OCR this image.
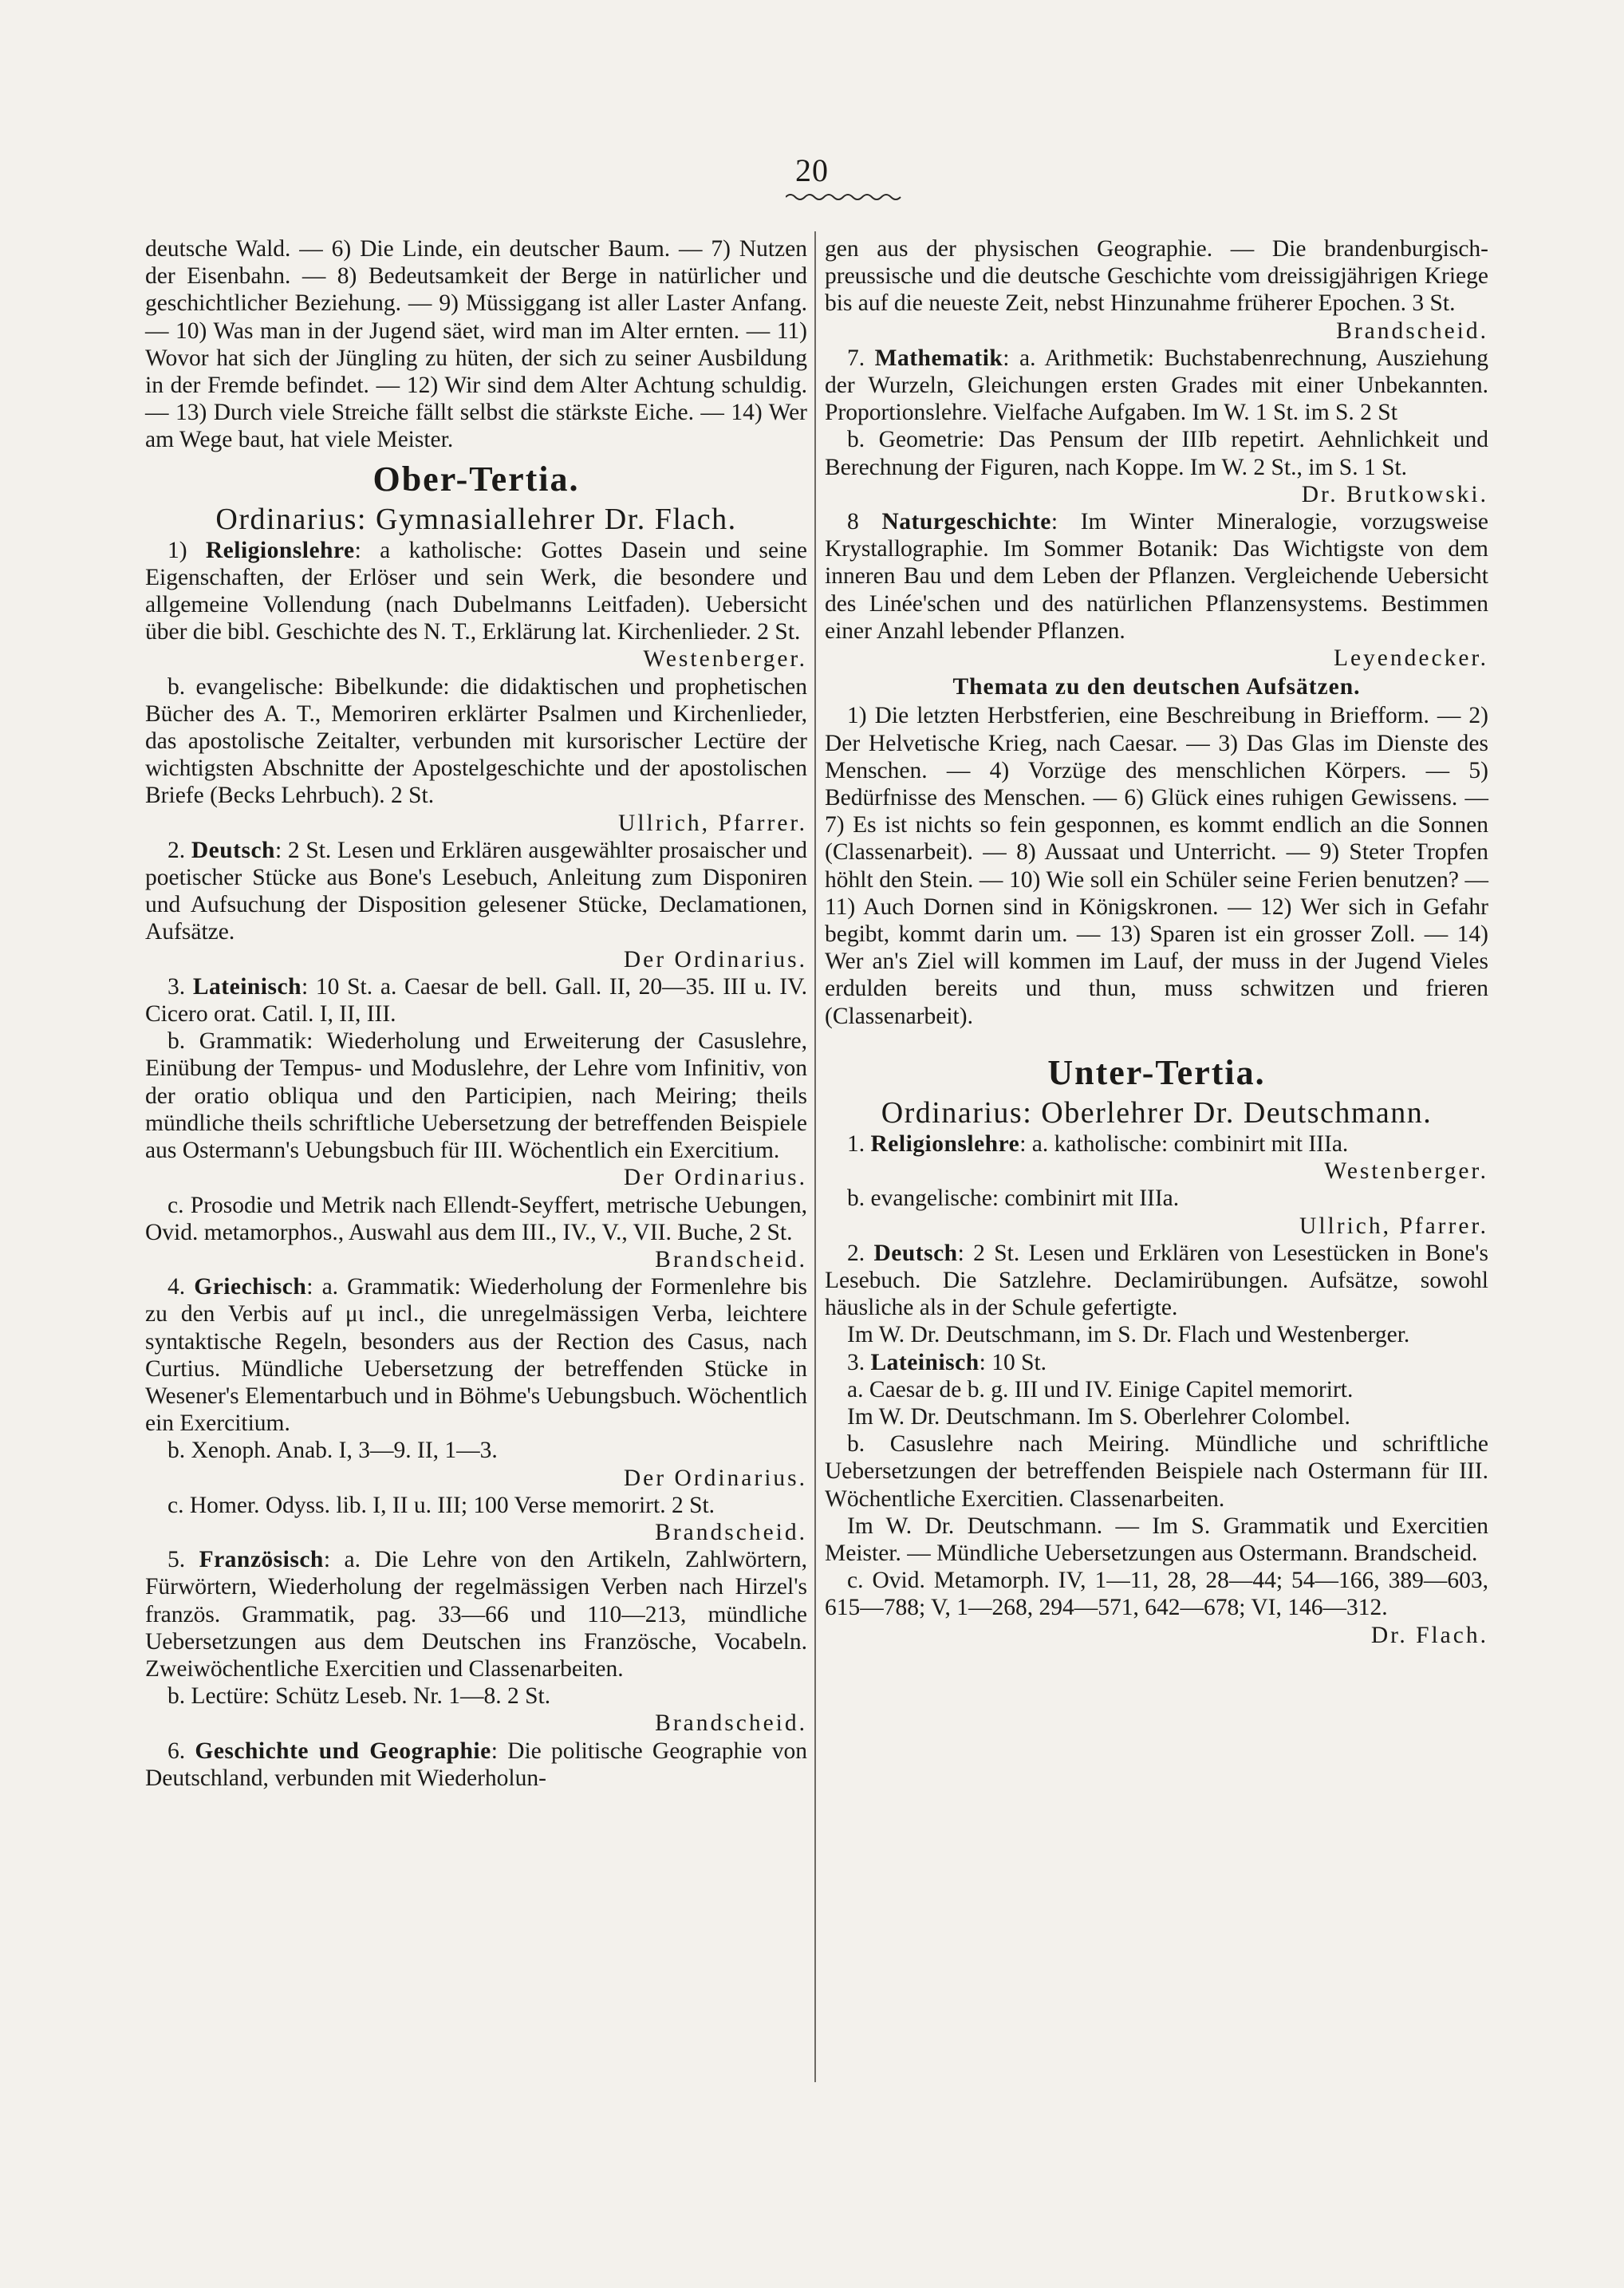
20

deutsche Wald. — 6) Die Linde, ein deutscher Baum. — 7) Nutzen der Eisenbahn. — 8) Bedeutsamkeit der Berge in natürlicher und geschichtlicher Beziehung. — 9) Müssiggang ist aller Laster Anfang. — 10) Was man in der Jugend säet, wird man im Alter ernten. — 11) Wovor hat sich der Jüngling zu hüten, der sich zu seiner Ausbildung in der Fremde befindet. — 12) Wir sind dem Alter Achtung schuldig. — 13) Durch viele Streiche fällt selbst die stärkste Eiche. — 14) Wer am Wege baut, hat viele Meister.

Ober-Tertia.
Ordinarius: Gymnasiallehrer Dr. Flach.

1) Religionslehre: a katholische: Gottes Dasein und seine Eigenschaften, der Erlöser und sein Werk, die besondere und allgemeine Vollendung (nach Dubelmanns Leitfaden). Uebersicht über die bibl. Geschichte des N. T., Erklärung lat. Kirchenlieder. 2 St.

Westenberger.

b. evangelische: Bibelkunde: die didaktischen und prophetischen Bücher des A. T., Memoriren erklärter Psalmen und Kirchenlieder, das apostolische Zeitalter, verbunden mit kursorischer Lectüre der wichtigsten Abschnitte der Apostelgeschichte und der apostolischen Briefe (Becks Lehrbuch). 2 St.

Ullrich, Pfarrer.

2. Deutsch: 2 St. Lesen und Erklären ausgewählter prosaischer und poetischer Stücke aus Bone's Lesebuch, Anleitung zum Disponiren und Aufsuchung der Disposition gelesener Stücke, Declamationen, Aufsätze.

Der Ordinarius.

3. Lateinisch: 10 St. a. Caesar de bell. Gall. II, 20—35. III u. IV. Cicero orat. Catil. I, II, III.

b. Grammatik: Wiederholung und Erweiterung der Casuslehre, Einübung der Tempus- und Moduslehre, der Lehre vom Infinitiv, von der oratio obliqua und den Participien, nach Meiring; theils mündliche theils schriftliche Uebersetzung der betreffenden Beispiele aus Ostermann's Uebungsbuch für III. Wöchentlich ein Exercitium.

Der Ordinarius.

c. Prosodie und Metrik nach Ellendt-Seyffert, metrische Uebungen, Ovid. metamorphos., Auswahl aus dem III., IV., V., VII. Buche, 2 St.

Brandscheid.

4. Griechisch: a. Grammatik: Wiederholung der Formenlehre bis zu den Verbis auf μι incl., die unregelmässigen Verba, leichtere syntaktische Regeln, besonders aus der Rection des Casus, nach Curtius. Mündliche Uebersetzung der betreffenden Stücke in Wesener's Elementarbuch und in Böhme's Uebungsbuch. Wöchentlich ein Exercitium.

b. Xenoph. Anab. I, 3—9. II, 1—3.

Der Ordinarius.

c. Homer. Odyss. lib. I, II u. III; 100 Verse memorirt. 2 St.

Brandscheid.

5. Französisch: a. Die Lehre von den Artikeln, Zahlwörtern, Fürwörtern, Wiederholung der regelmässigen Verben nach Hirzel's französ. Grammatik, pag. 33—66 und 110—213, mündliche Uebersetzungen aus dem Deutschen ins Französche, Vocabeln. Zweiwöchentliche Exercitien und Classenarbeiten.

b. Lectüre: Schütz Leseb. Nr. 1—8. 2 St.

Brandscheid.

6. Geschichte und Geographie: Die politische Geographie von Deutschland, verbunden mit Wiederholun-

gen aus der physischen Geographie. — Die brandenburgisch-preussische und die deutsche Geschichte vom dreissigjährigen Kriege bis auf die neueste Zeit, nebst Hinzunahme früherer Epochen. 3 St.

Brandscheid.

7. Mathematik: a. Arithmetik: Buchstabenrechnung, Ausziehung der Wurzeln, Gleichungen ersten Grades mit einer Unbekannten. Proportionslehre. Vielfache Aufgaben. Im W. 1 St. im S. 2 St

b. Geometrie: Das Pensum der IIIb repetirt. Aehnlichkeit und Berechnung der Figuren, nach Koppe. Im W. 2 St., im S. 1 St.

Dr. Brutkowski.

8 Naturgeschichte: Im Winter Mineralogie, vorzugsweise Krystallographie. Im Sommer Botanik: Das Wichtigste von dem inneren Bau und dem Leben der Pflanzen. Vergleichende Uebersicht des Linée'schen und des natürlichen Pflanzensystems. Bestimmen einer Anzahl lebender Pflanzen.

Leyendecker.

Themata zu den deutschen Aufsätzen.

1) Die letzten Herbstferien, eine Beschreibung in Briefform. — 2) Der Helvetische Krieg, nach Caesar. — 3) Das Glas im Dienste des Menschen. — 4) Vorzüge des menschlichen Körpers. — 5) Bedürfnisse des Menschen. — 6) Glück eines ruhigen Gewissens. — 7) Es ist nichts so fein gesponnen, es kommt endlich an die Sonnen (Classenarbeit). — 8) Aussaat und Unterricht. — 9) Steter Tropfen höhlt den Stein. — 10) Wie soll ein Schüler seine Ferien benutzen? — 11) Auch Dornen sind in Königskronen. — 12) Wer sich in Gefahr begibt, kommt darin um. — 13) Sparen ist ein grosser Zoll. — 14) Wer an's Ziel will kommen im Lauf, der muss in der Jugend Vieles erdulden bereits und thun, muss schwitzen und frieren (Classenarbeit).

Unter-Tertia.
Ordinarius: Oberlehrer Dr. Deutschmann.

1. Religionslehre: a. katholische: combinirt mit IIIa.

Westenberger.

b. evangelische: combinirt mit IIIa.

Ullrich, Pfarrer.

2. Deutsch: 2 St. Lesen und Erklären von Lesestücken in Bone's Lesebuch. Die Satzlehre. Declamirübungen. Aufsätze, sowohl häusliche als in der Schule gefertigte.

Im W. Dr. Deutschmann, im S. Dr. Flach und Westenberger.

3. Lateinisch: 10 St.

a. Caesar de b. g. III und IV. Einige Capitel memorirt.

Im W. Dr. Deutschmann. Im S. Oberlehrer Colombel.

b. Casuslehre nach Meiring. Mündliche und schriftliche Uebersetzungen der betreffenden Beispiele nach Ostermann für III. Wöchentliche Exercitien. Classenarbeiten.

Im W. Dr. Deutschmann. — Im S. Grammatik und Exercitien Meister. — Mündliche Uebersetzungen aus Ostermann. Brandscheid.

c. Ovid. Metamorph. IV, 1—11, 28, 28—44; 54—166, 389—603, 615—788; V, 1—268, 294—571, 642—678; VI, 146—312.

Dr. Flach.
